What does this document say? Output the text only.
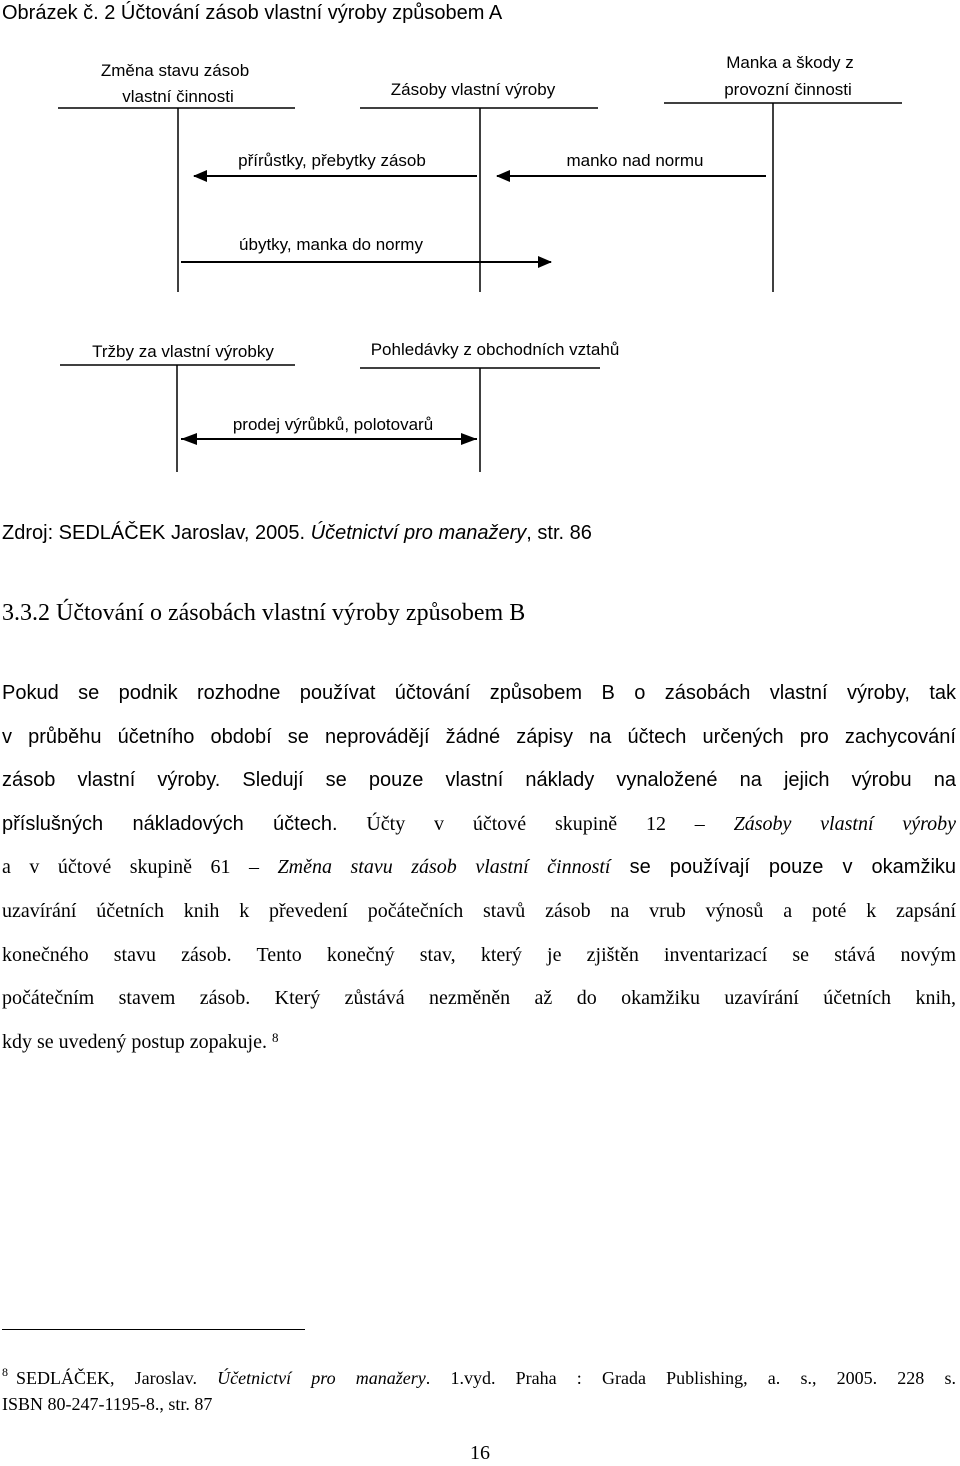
Obrázek č. 2 Účtování zásob vlastní výroby způsobem A
Změna stavu zásob
vlastní činnosti	Zásoby vlastní výroby
Manka a škody z
provozní činnosti
přírůstky, přebytky zásob	manko nad normu
úbytky, manka do normy
Tržby za vlastní výrobky	Pohledávky z obchodních vztahů
prodej výrůbků, polotovarů
Zdroj: SEDLÁČEK Jaroslav, 2005. Účetnictví pro manažery, str. 86
3.3.2 Účtování o zásobách vlastní výroby způsobem B
Pokud se podnik rozhodne používat účtování způsobem B o zásobách vlastní výroby, tak
v průběhu účetního období se neprovádějí žádné zápisy na účtech určených pro zachycování
zásob vlastní výroby. Sledují se pouze vlastní náklady vynaložené na jejich výrobu na
příslušných nákladových účtech. Účty v účtové skupině 12 – Zásoby vlastní výroby
a v účtové skupině 61 – Změna stavu zásob vlastní činností se používají pouze v okamžiku
uzavírání účetních knih k převedení počátečních stavů zásob na vrub výnosů a poté k zapsání
konečného stavu zásob. Tento konečný stav, který je zjištěn inventarizací se stává novým
počátečním stavem zásob. Který zůstává nezměněn až do okamžiku uzavírání účetních knih,
kdy se uvedený postup zopakuje. $^8$
$^8$ SEDLÁČEK, Jaroslav. Účetnictví pro manažery. 1.vyd. Praha : Grada Publishing, a. s., 2005. 228 s.
ISBN 80-247-1195-8., str. 87
16
